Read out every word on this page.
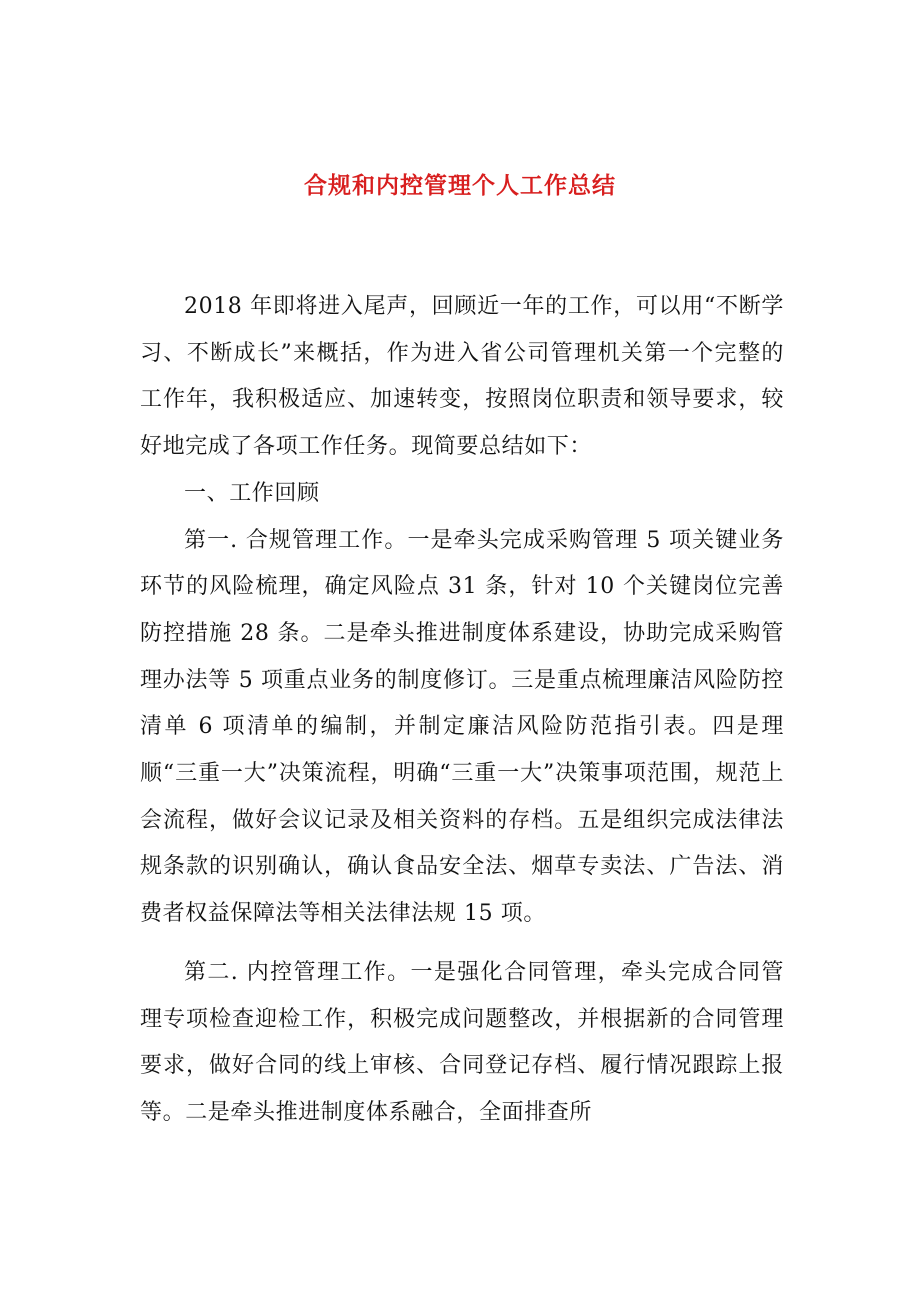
合规和内控管理个人工作总结

2018 年即将进入尾声，回顾近一年的工作，可以用“不断学习、不断成长”来概括，作为进入省公司管理机关第一个完整的工作年，我积极适应、加速转变，按照岗位职责和领导要求，较好地完成了各项工作任务。现简要总结如下：

一、工作回顾

第一. 合规管理工作。一是牵头完成采购管理 5 项关键业务环节的风险梳理，确定风险点 31 条，针对 10 个关键岗位完善防控措施 28 条。二是牵头推进制度体系建设，协助完成采购管理办法等 5 项重点业务的制度修订。三是重点梳理廉洁风险防控清单 6 项清单的编制，并制定廉洁风险防范指引表。四是理顺“三重一大”决策流程，明确“三重一大”决策事项范围，规范上会流程，做好会议记录及相关资料的存档。五是组织完成法律法规条款的识别确认，确认食品安全法、烟草专卖法、广告法、消费者权益保障法等相关法律法规 15 项。

第二. 内控管理工作。一是强化合同管理，牵头完成合同管理专项检查迎检工作，积极完成问题整改，并根据新的合同管理要求，做好合同的线上审核、合同登记存档、履行情况跟踪上报等。二是牵头推进制度体系融合，全面排查所
